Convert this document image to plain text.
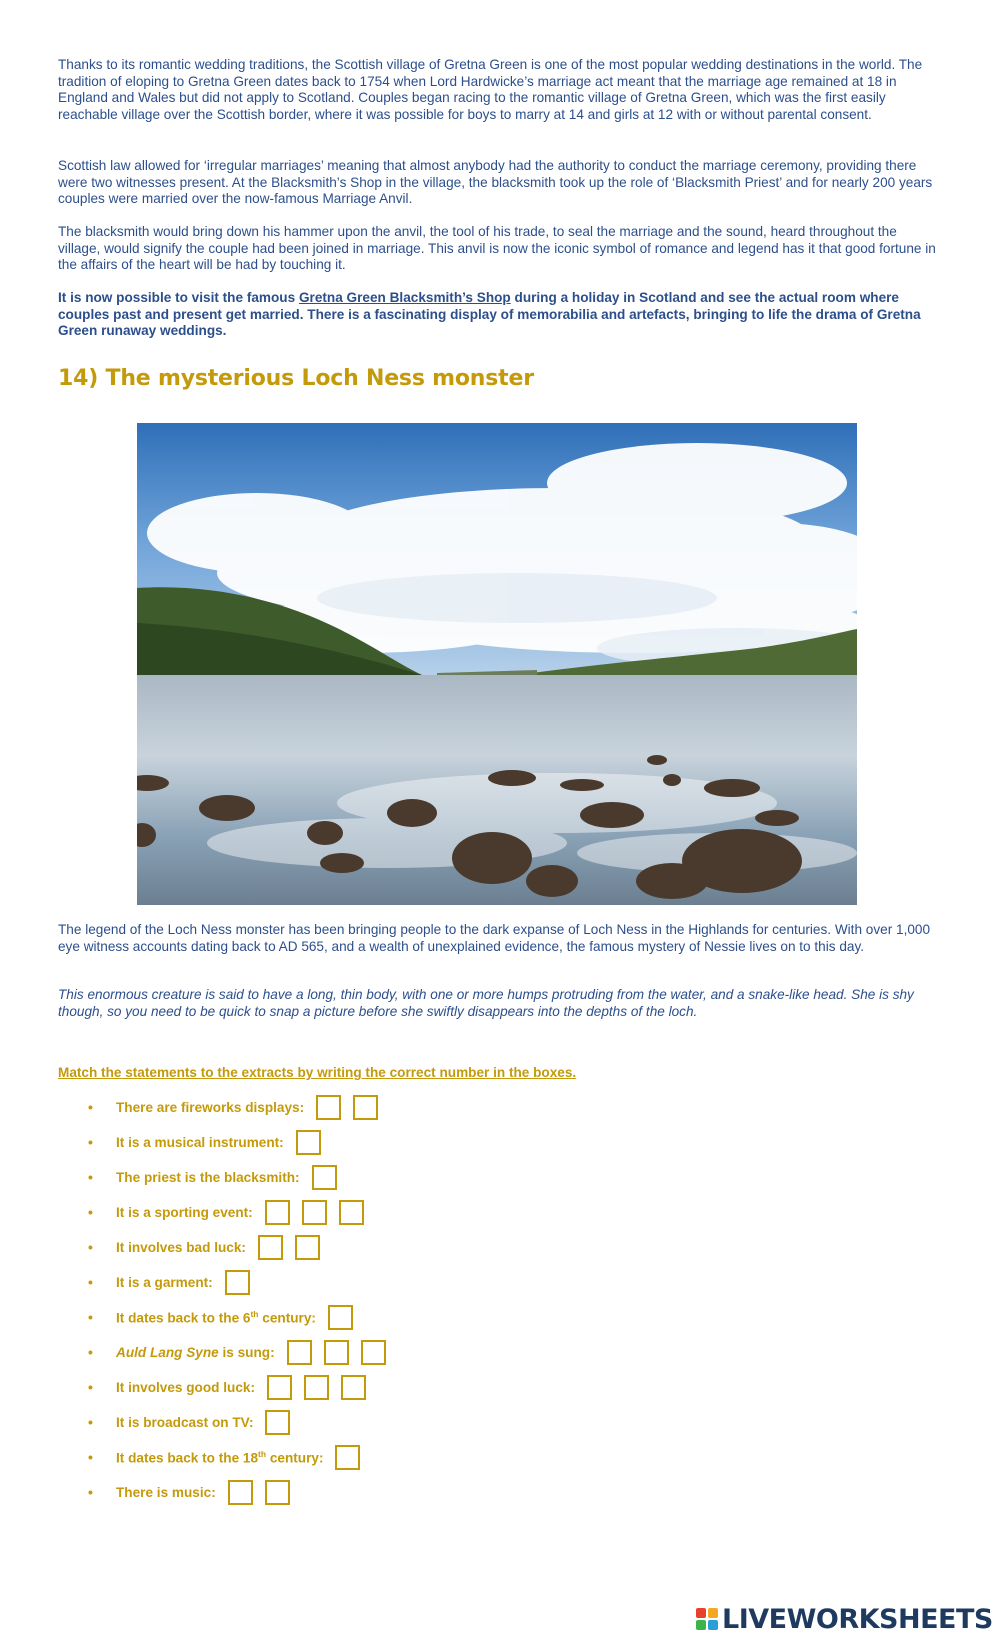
Thanks to its romantic wedding traditions, the Scottish village of Gretna Green is one of the most popular wedding destinations in the world. The tradition of eloping to Gretna Green dates back to 1754 when Lord Hardwicke’s marriage act meant that the marriage age remained at 18 in England and Wales but did not apply to Scotland. Couples began racing to the romantic village of Gretna Green, which was the first easily reachable village over the Scottish border, where it was possible for boys to marry at 14 and girls at 12 with or without parental consent.

Scottish law allowed for ‘irregular marriages’ meaning that almost anybody had the authority to conduct the marriage ceremony, providing there were two witnesses present. At the Blacksmith’s Shop in the village, the blacksmith took up the role of ‘Blacksmith Priest’ and for nearly 200 years couples were married over the now-famous Marriage Anvil.

The blacksmith would bring down his hammer upon the anvil, the tool of his trade, to seal the marriage and the sound, heard throughout the village, would signify the couple had been joined in marriage. This anvil is now the iconic symbol of romance and legend has it that good fortune in the affairs of the heart will be had by touching it.

It is now possible to visit the famous Gretna Green Blacksmith’s Shop during a holiday in Scotland and see the actual room where couples past and present get married. There is a fascinating display of memorabilia and artefacts, bringing to life the drama of Gretna Green runaway weddings.

14) The mysterious Loch Ness monster

The legend of the Loch Ness monster has been bringing people to the dark expanse of Loch Ness in the Highlands for centuries. With over 1,000 eye witness accounts dating back to AD 565, and a wealth of unexplained evidence, the famous mystery of Nessie lives on to this day.

This enormous creature is said to have a long, thin body, with one or more humps protruding from the water, and a snake-like head. She is shy though, so you need to be quick to snap a picture before she swiftly disappears into the depths of the loch.

Match the statements to the extracts by writing the correct number in the boxes.

•	There are fireworks displays:
•	It is a musical instrument:
•	The priest is the blacksmith:
•	It is a sporting event:
•	It involves bad luck:
•	It is a garment:
•	It dates back to the 6th century:
•	Auld Lang Syne is sung:
•	It involves good luck:
•	It is broadcast on TV:
•	It dates back to the 18th century:
•	There is music:
LIVEWORKSHEETS
